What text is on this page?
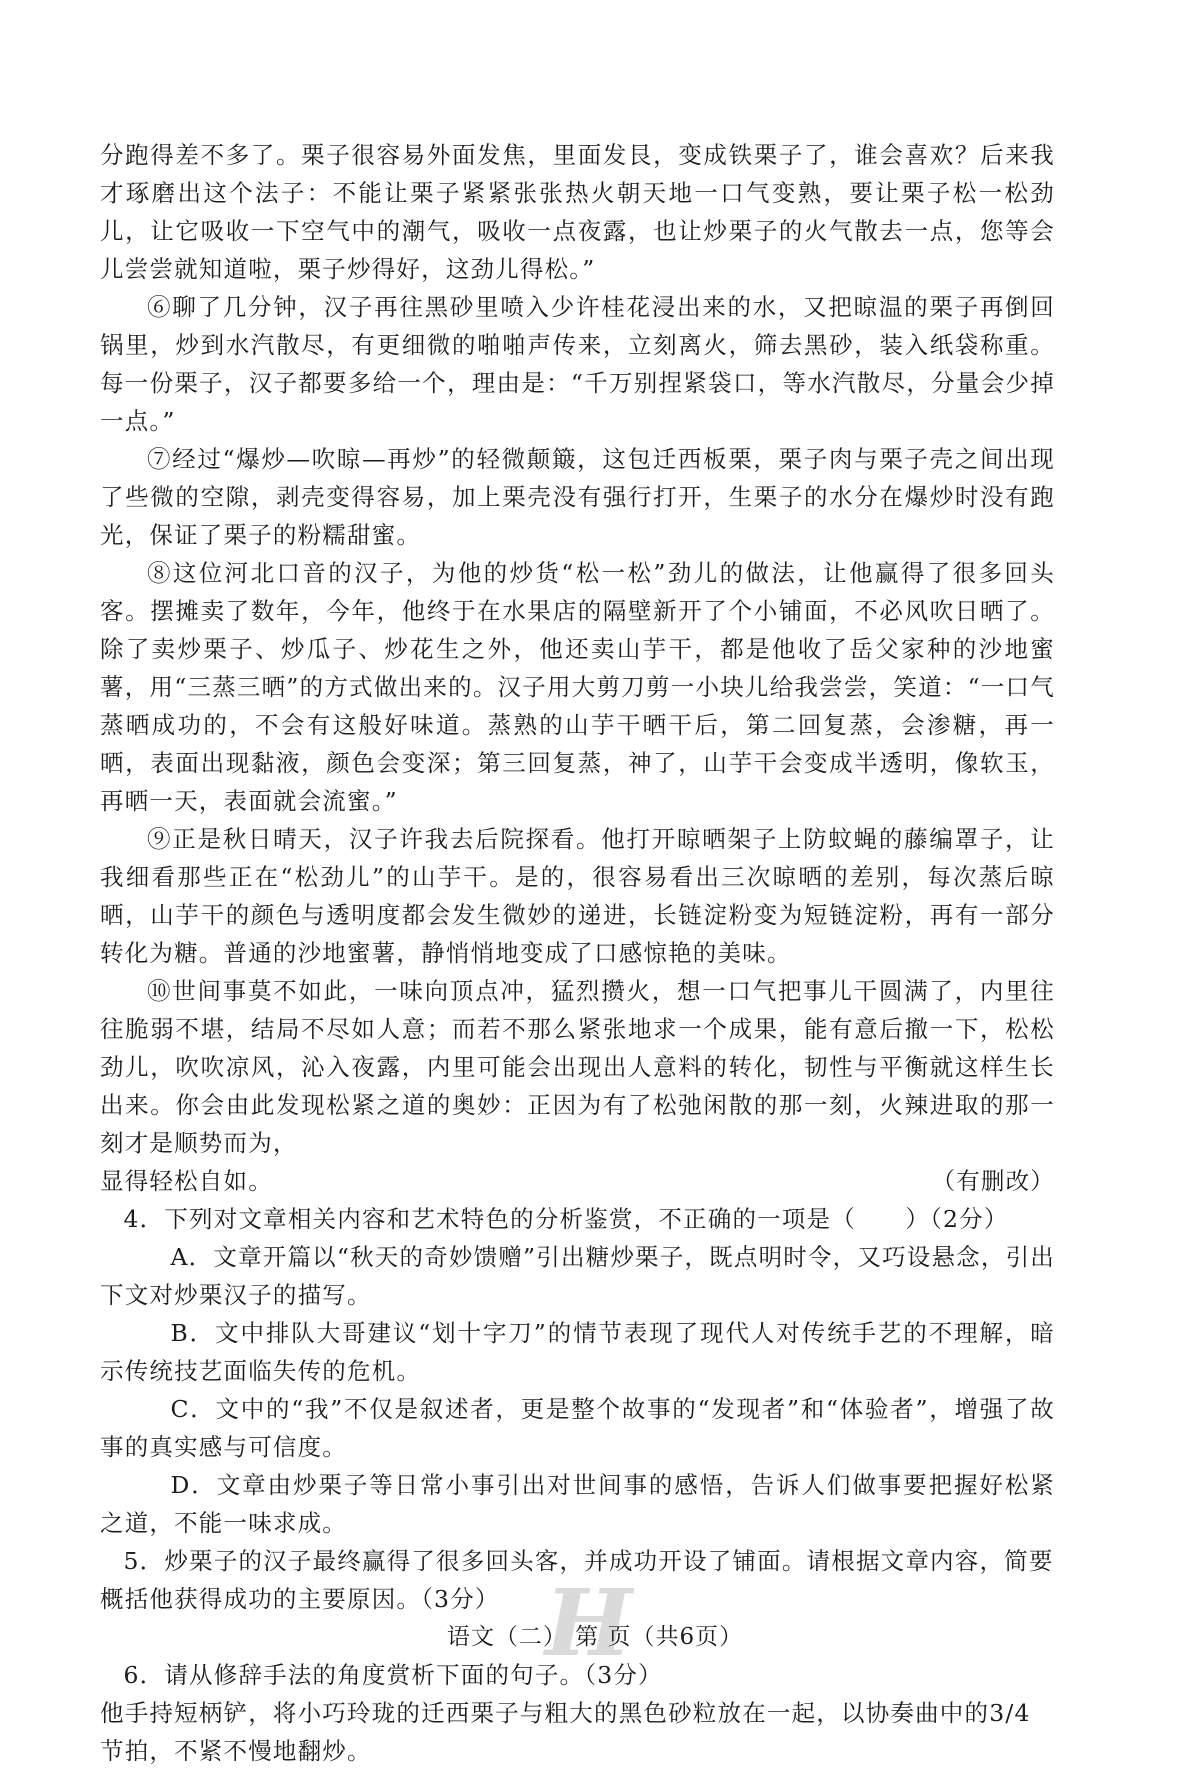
分跑得差不多了。栗子很容易外面发焦，里面发艮，变成铁栗子了，谁会喜欢？后来我才琢磨出这个法子：不能让栗子紧紧张张热火朝天地一口气变熟，要让栗子松一松劲儿，让它吸收一下空气中的潮气，吸收一点夜露，也让炒栗子的火气散去一点，您等会儿尝尝就知道啦，栗子炒得好，这劲儿得松。”

⑥聊了几分钟，汉子再往黑砂里喷入少许桂花浸出来的水，又把晾温的栗子再倒回锅里，炒到水汽散尽，有更细微的啪啪声传来，立刻离火，筛去黑砂，装入纸袋称重。每一份栗子，汉子都要多给一个，理由是：“千万别捏紧袋口，等水汽散尽，分量会少掉一点。”

⑦经过“爆炒—吹晾—再炒”的轻微颠簸，这包迁西板栗，栗子肉与栗子壳之间出现了些微的空隙，剥壳变得容易，加上栗壳没有强行打开，生栗子的水分在爆炒时没有跑光，保证了栗子的粉糯甜蜜。

⑧这位河北口音的汉子，为他的炒货“松一松”劲儿的做法，让他赢得了很多回头客。摆摊卖了数年，今年，他终于在水果店的隔壁新开了个小铺面，不必风吹日晒了。除了卖炒栗子、炒瓜子、炒花生之外，他还卖山芋干，都是他收了岳父家种的沙地蜜薯，用“三蒸三晒”的方式做出来的。汉子用大剪刀剪一小块儿给我尝尝，笑道：“一口气蒸晒成功的，不会有这般好味道。蒸熟的山芋干晒干后，第二回复蒸，会渗糖，再一晒，表面出现黏液，颜色会变深；第三回复蒸，神了，山芋干会变成半透明，像软玉，再晒一天，表面就会流蜜。”

⑨正是秋日晴天，汉子许我去后院探看。他打开晾晒架子上防蚊蝇的藤编罩子，让我细看那些正在“松劲儿”的山芋干。是的，很容易看出三次晾晒的差别，每次蒸后晾晒，山芋干的颜色与透明度都会发生微妙的递进，长链淀粉变为短链淀粉，再有一部分转化为糖。普通的沙地蜜薯，静悄悄地变成了口感惊艳的美味。

⑩世间事莫不如此，一味向顶点冲，猛烈攒火，想一口气把事儿干圆满了，内里往往脆弱不堪，结局不尽如人意；而若不那么紧张地求一个成果，能有意后撤一下，松松劲儿，吹吹凉风，沁入夜露，内里可能会出现出人意料的转化，韧性与平衡就这样生长出来。你会由此发现松紧之道的奥妙：正因为有了松弛闲散的那一刻，火辣进取的那一刻才是顺势而为，

显得轻松自如。	（有删改）

4．下列对文章相关内容和艺术特色的分析鉴赏，不正确的一项是（　　）（2分）

A．文章开篇以“秋天的奇妙馈赠”引出糖炒栗子，既点明时令，又巧设悬念，引出下文对炒栗汉子的描写。

B．文中排队大哥建议“划十字刀”的情节表现了现代人对传统手艺的不理解，暗示传统技艺面临失传的危机。

C．文中的“我”不仅是叙述者，更是整个故事的“发现者”和“体验者”，增强了故事的真实感与可信度。

D．文章由炒栗子等日常小事引出对世间事的感悟，告诉人们做事要把握好松紧之道，不能一味求成。

5．炒栗子的汉子最终赢得了很多回头客，并成功开设了铺面。请根据文章内容，简要概括他获得成功的主要原因。（3分）

6．请从修辞手法的角度赏析下面的句子。（3分）

他手持短柄铲，将小巧玲珑的迁西栗子与粗大的黑色砂粒放在一起，以协奏曲中的3/4节拍，不紧不慢地翻炒。

H
语文（二） 第 页（共6页）
